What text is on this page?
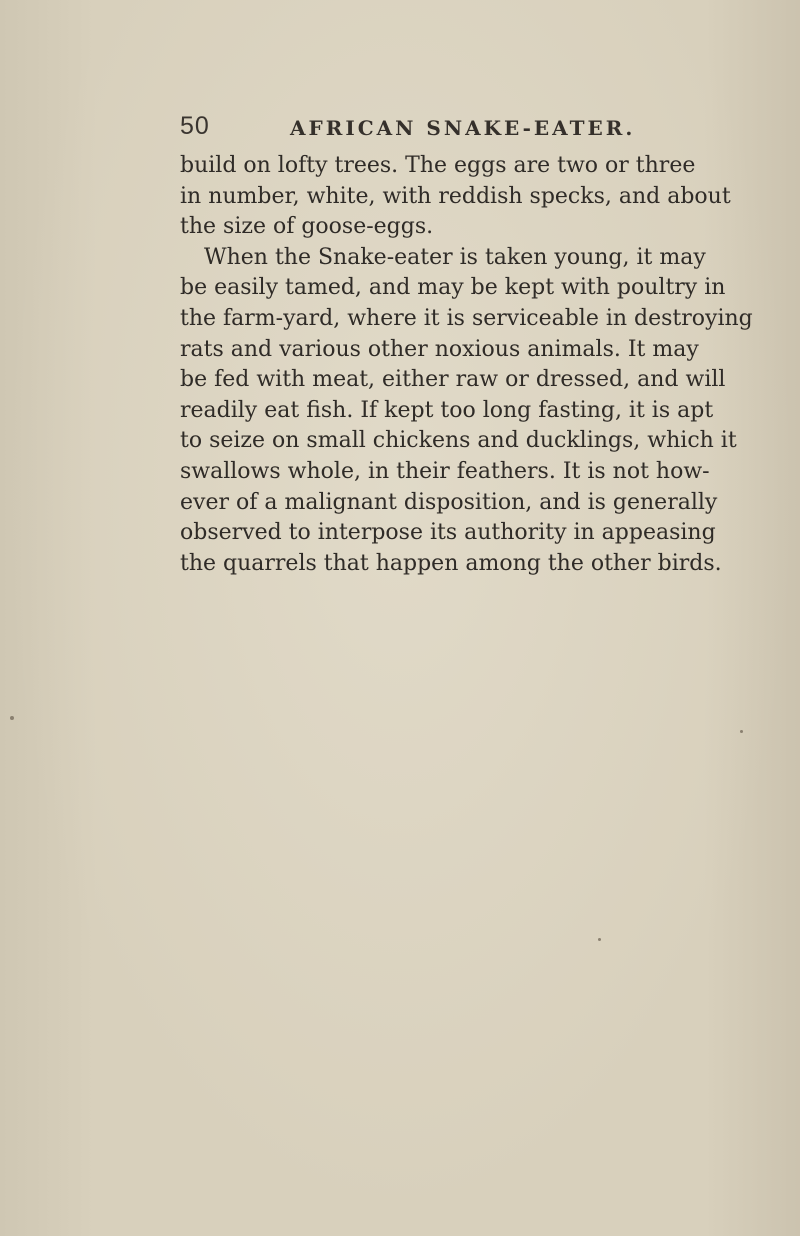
50	AFRICAN SNAKE-EATER.
build on lofty trees. The eggs are two or three
in number, white, with reddish specks, and about
the size of goose-eggs.
When the Snake-eater is taken young, it may
be easily tamed, and may be kept with poultry in
the farm-yard, where it is serviceable in destroying
rats and various other noxious animals. It may
be fed with meat, either raw or dressed, and will
readily eat fish. If kept too long fasting, it is apt
to seize on small chickens and ducklings, which it
swallows whole, in their feathers. It is not how-
ever of a malignant disposition, and is generally
observed to interpose its authority in appeasing
the quarrels that happen among the other birds.
